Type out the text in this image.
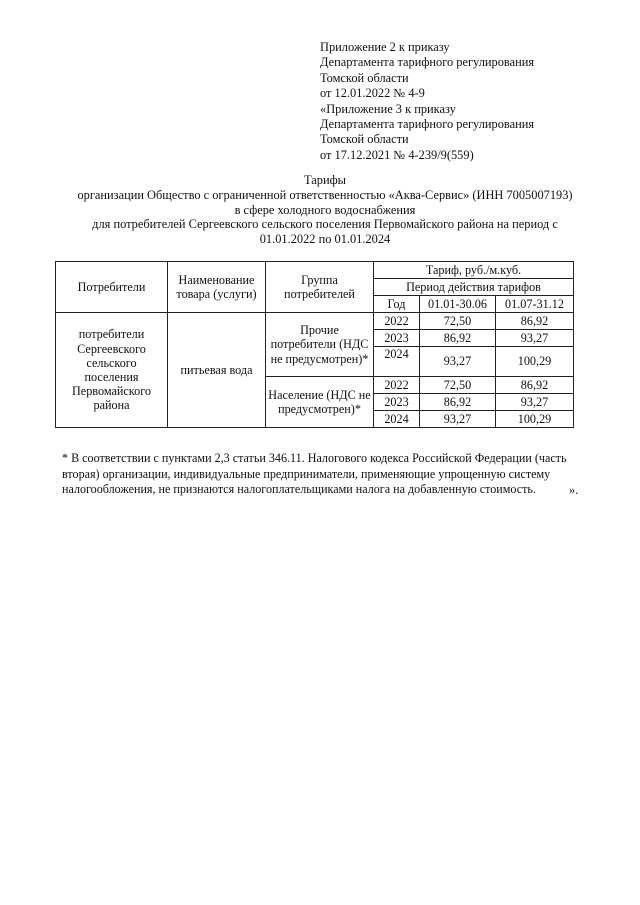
Приложение 2 к приказу
Департамента тарифного регулирования
Томской области
от 12.01.2022 № 4-9
«Приложение 3 к приказу
Департамента тарифного регулирования
Томской области
от 17.12.2021 № 4-239/9(559)
Тарифы
организации Общество с ограниченной ответственностью «Аква-Сервис» (ИНН 7005007193)
в сфере холодного водоснабжения
для потребителей Сергеевского сельского поселения Первомайского района на период с
01.01.2022 по 01.01.2024
Потребители	Наименование товара (услуги)	Группа потребителей	Тариф, руб./м.куб.		
			Период действия тарифов		
			Год	01.01-30.06	01.07-31.12
потребители Сергеевского сельского поселения Первомайского района	питьевая вода	Прочие потребители (НДС не предусмотрен)*	2022	72,50	86,92
			2023	86,92	93,27
			2024	93,27	100,29
		Население (НДС не предусмотрен)*	2022	72,50	86,92
			2023	86,92	93,27
			2024	93,27	100,29
* В соответствии с пунктами 2,3 статьи 346.11. Налогового кодекса Российской Федерации (часть вторая) организации, индивидуальные предприниматели, применяющие упрощенную систему налогообложения, не признаются налогоплательщиками налога на добавленную стоимость.	».
